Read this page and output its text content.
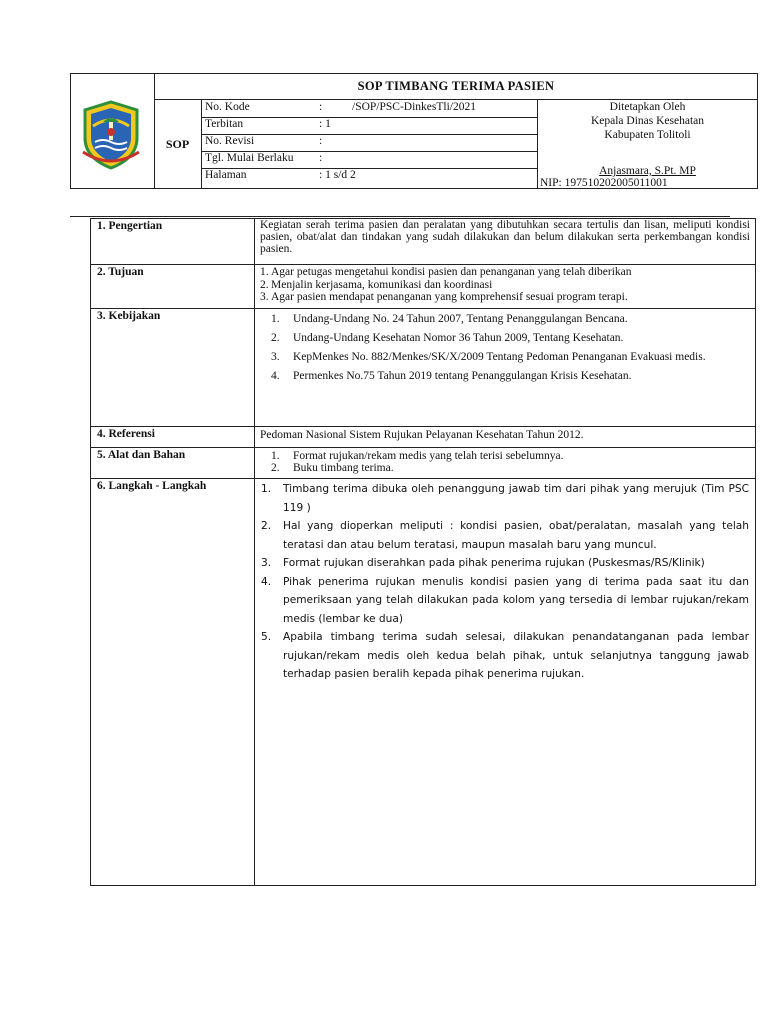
SOP TIMBANG TERIMA PASIEN
SOP
No. Kode	:	/SOP/PSC-DinkesTli/2021
Terbitan	: 1
No. Revisi	:
Tgl. Mulai Berlaku :
Halaman	: 1 s/d 2
Ditetapkan Oleh
Kepala Dinas Kesehatan
Kabupaten Tolitoli
Anjasmara, S.Pt. MP
NIP: 197510202005011001
1. Pengertian	Kegiatan serah terima pasien dan peralatan yang dibutuhkan secara tertulis dan lisan, meliputi kondisi pasien, obat/alat dan tindakan yang sudah dilakukan dan belum dilakukan serta perkembangan kondisi pasien.
2. Tujuan	1. Agar petugas mengetahui kondisi pasien dan penanganan yang telah diberikan
2. Menjalin kerjasama, komunikasi dan koordinasi
3. Agar pasien mendapat penanganan yang komprehensif sesuai program terapi.
3. Kebijakan	1. Undang-Undang No. 24 Tahun 2007, Tentang Penanggulangan Bencana.
2. Undang-Undang Kesehatan Nomor 36 Tahun 2009, Tentang Kesehatan.
3. KepMenkes No. 882/Menkes/SK/X/2009 Tentang Pedoman Penanganan Evakuasi medis.
4. Permenkes No.75 Tahun 2019 tentang Penanggulangan Krisis Kesehatan.
4. Referensi	Pedoman Nasional Sistem Rujukan Pelayanan Kesehatan Tahun 2012.
5. Alat dan Bahan	1. Format rujukan/rekam medis yang telah terisi sebelumnya.
2. Buku timbang terima.
6. Langkah - Langkah	1. Timbang terima dibuka oleh penanggung jawab tim dari pihak yang merujuk (Tim PSC 119 )
2. Hal yang dioperkan meliputi : kondisi pasien, obat/peralatan, masalah yang telah teratasi dan atau belum teratasi, maupun masalah baru yang muncul.
3. Format rujukan diserahkan pada pihak penerima rujukan (Puskesmas/RS/Klinik)
4. Pihak penerima rujukan menulis kondisi pasien yang di terima pada saat itu dan pemeriksaan yang telah dilakukan pada kolom yang tersedia di lembar rujukan/rekam medis (lembar ke dua)
5. Apabila timbang terima sudah selesai, dilakukan penandatanganan pada lembar rujukan/rekam medis oleh kedua belah pihak, untuk selanjutnya tanggung jawab terhadap pasien beralih kepada pihak penerima rujukan.
